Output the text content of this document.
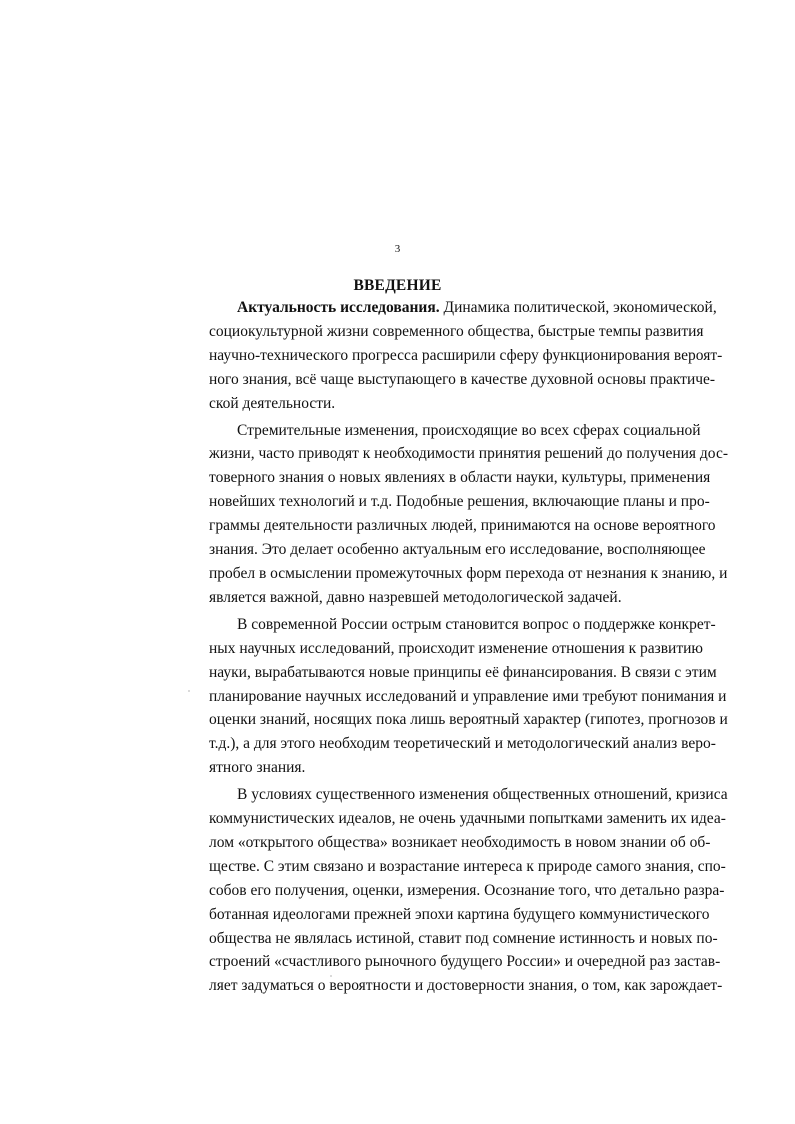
3
ВВЕДЕНИЕ
Актуальность исследования. Динамика политической, экономической,
социокультурной жизни современного общества, быстрые темпы развития
научно-технического прогресса расширили сферу функционирования вероят-
ного знания, всё чаще выступающего в качестве духовной основы практиче-
ской деятельности.
Стремительные изменения, происходящие во всех сферах социальной
жизни, часто приводят к необходимости принятия решений до получения дос-
товерного знания о новых явлениях в области науки, культуры, применения
новейших технологий и т.д. Подобные решения, включающие планы и про-
граммы деятельности различных людей, принимаются на основе вероятного
знания. Это делает особенно актуальным его исследование, восполняющее
пробел в осмыслении промежуточных форм перехода от незнания к знанию, и
является важной, давно назревшей методологической задачей.
В современной России острым становится вопрос о поддержке конкрет-
ных научных исследований, происходит изменение отношения к развитию
науки, вырабатываются новые принципы её финансирования. В связи с этим
планирование научных исследований и управление ими требуют понимания и
оценки знаний, носящих пока лишь вероятный характер (гипотез, прогнозов и
т.д.), а для этого необходим теоретический и методологический анализ веро-
ятного знания.
В условиях существенного изменения общественных отношений, кризиса
коммунистических идеалов, не очень удачными попытками заменить их идеа-
лом «открытого общества» возникает необходимость в новом знании об об-
ществе. С этим связано и возрастание интереса к природе самого знания, спо-
собов его получения, оценки, измерения. Осознание того, что детально разра-
ботанная идеологами прежней эпохи картина будущего коммунистического
общества не являлась истиной, ставит под сомнение истинность и новых по-
строений «счастливого рыночного будущего России» и очередной раз застав-
ляет задуматься о вероятности и достоверности знания, о том, как зарождает-
